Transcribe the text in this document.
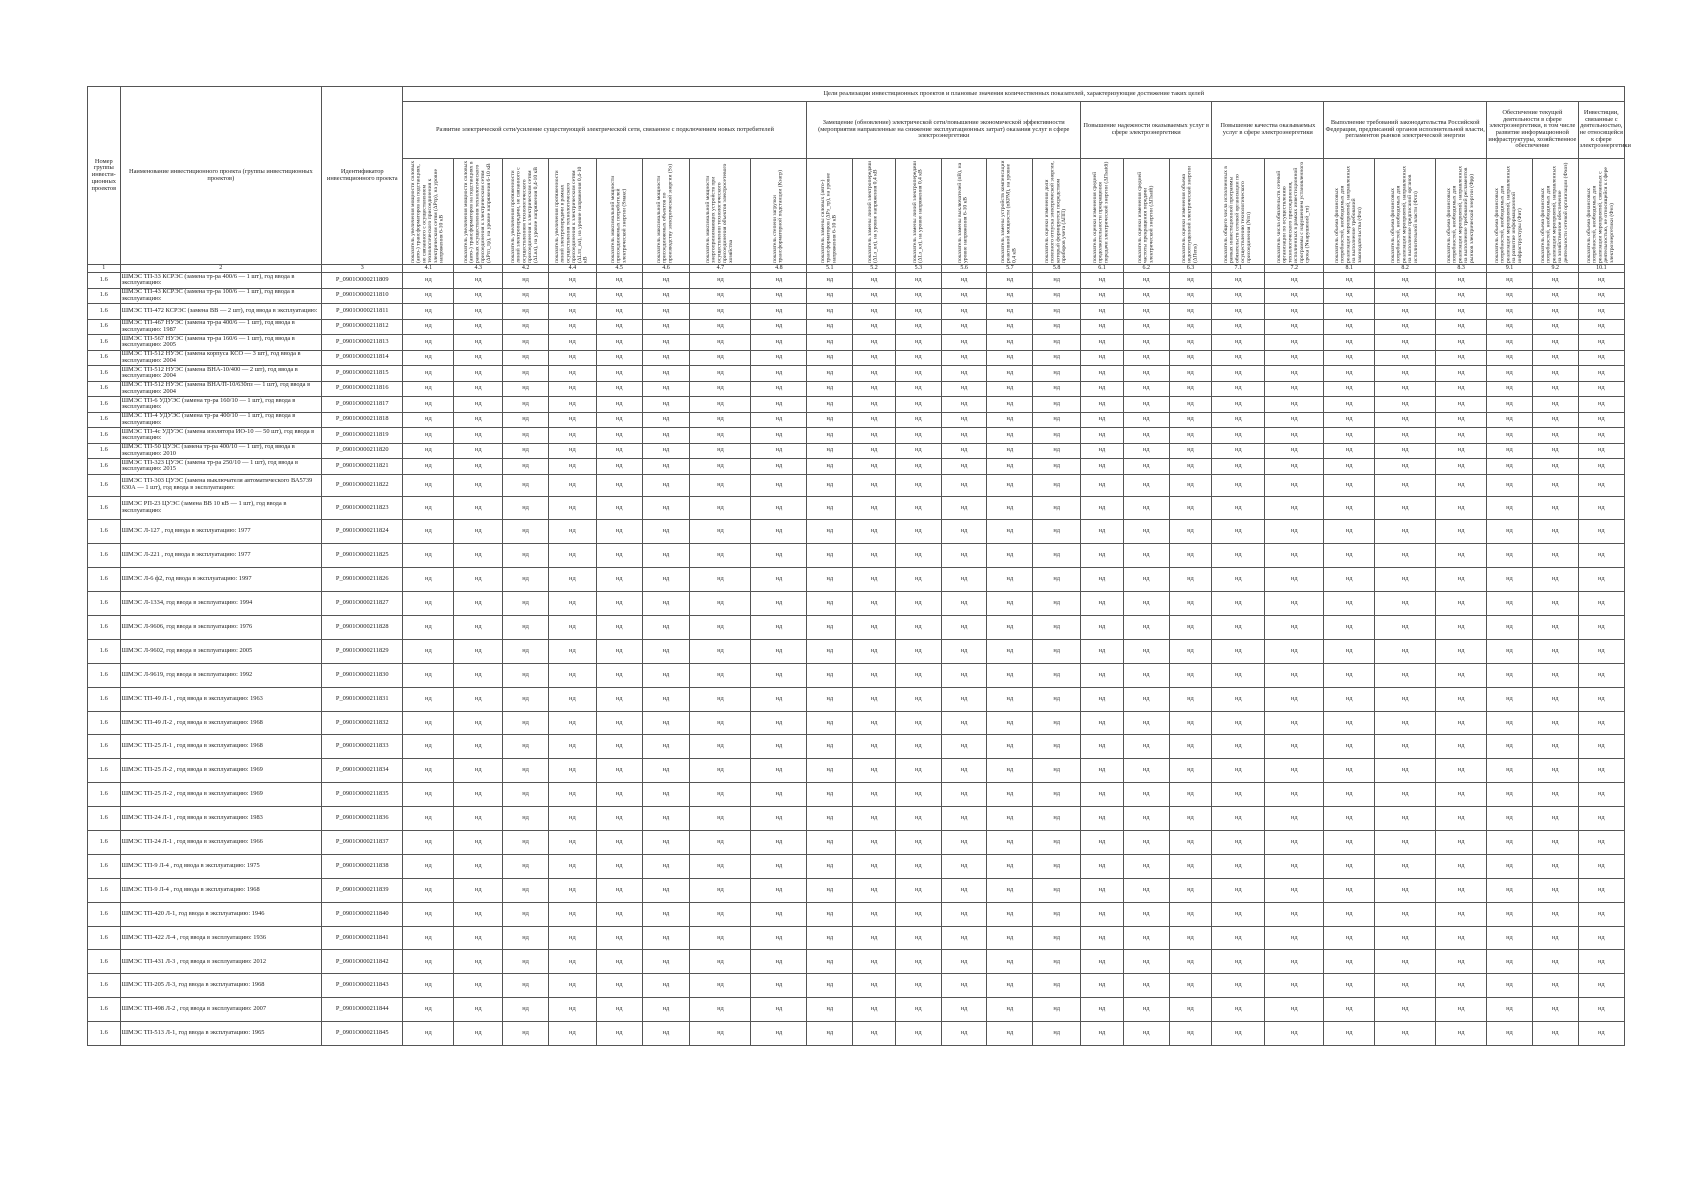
Номер группы инвести-ционных проектов	Наименование инвестиционного проекта (группы инвестиционных проектов)	Идентификатор инвестиционного проекта	Цели реализации инвестиционных проектов и плановые значения количественных показателей, характеризующие достижение таких целей																								
			Развитие электрической сети/усиление существующей электрической сети, связанное с подключением новых потребителей								Замещение (обновление) электрической сети/повышение экономической эффективности (мероприятия направленные на снижение эксплуатационных затрат) оказания услуг в сфере электроэнергетики						Повышение надежности оказываемых услуг в сфере электроэнергетики			Повышение качества оказываемых услуг в сфере электроэнергетики		Выполнение требований законодательства Российской Федерации, предписаний органов исполнительной власти, регламентов рынков электрической энергии			Обеспечение текущей деятельности в сфере электроэнергетики, в том числе развитие информационной инфраструктуры, хозяйственное обеспечение		Инвестиции, связанные с деятельностью, не относящейся к сфере электроэнергетики

			показатель увеличения мощности силовых (авто-) трансформаторов на подстанциях, не связанного с осуществлением технологического присоединения к электрическим сетям (ΔPтр), на уровне напряжения 6-10 кВ	показатель увеличения мощности силовых (авто-) трансформаторов на подстанциях в рамках осуществления технологического присоединения к электрическим сетям (ΔPтп_тр), на уровне напряжения 6-10 кВ	показатель увеличения протяженности линий электропередачи, не связанного с осуществлением технологического присоединения к электрическим сетям (ΔLвл), на уровне напряжения 0,4-10 кВ	показатель увеличения протяженности линий электропередачи в рамках осуществления технологического присоединения к электрическим сетям (ΔLтп_вл), на уровне напряжения 0,4-10 кВ	показатель максимальной мощности присоединяемых потребителей электрической энергии (Sмакс)	показатель максимальной мощности присоединяемых объектов по производству электрической энергии (Sэ)	показатель максимальной мощности энергопринимающих устройств при осуществлении технологического присоединения объектов электросетевого хозяйства	показатель степени загрузки трансформаторной подстанции (Кзагр)	показатель замены силовых (авто-) трансформаторов (ΔPз_тр), на уровне напряжения 6-10 кВ	показатель замены линий электропередачи (ΔLз_вл), на уровне напряжения 0,4 кВ	показатель замены линий электропередачи (ΔLз_кл), на уровне напряжения 0,4 кВ	показатель замены выключателей (nВ), на уровне напряжения 6-10 кВ	показатель замены устройств компенсации реактивной мощности (nКРМ), на уровне 0,4 кВ	показатель оценки изменения доли полезного отпуска электрической энергии, который формируется посредством приборов учета (ΔПП)	показатель оценки изменения средней продолжительности прекращения передачи электрической энергии (ΔПsaidi)	показатель оценки изменения средней частоты прекращения передачи электрической энергии (ΔПsaifi)	показатель оценки изменения объема недоотпущенной электрической энергии (ΔПens)	показатель общего числа исполненных в рамках инвестиционной программы обязательств сетевой организации по осуществлению технологического присоединения (Nтп)	показатель числа обязательств сетевой организации по осуществлению технологического присоединения, исполненных в рамках инвестиционной программы с нарушением установленного срока (Nнарушений_тп)	показатель объема финансовых потребностей, необходимых для реализации мероприятий, направленных на выполнение требований законодательства (Фзп)	показатель объема финансовых потребностей, необходимых для реализации мероприятий, направленных на выполнение предписаний органов исполнительной власти (Фпп)	показатель объема финансовых потребностей, необходимых для реализации мероприятий, направленных на выполнение требований регламентов рынков электрической энергии (Фрр)	показатель объема финансовых потребностей, необходимых для реализации мероприятий, направленных на развитие информационной инфраструктуры (Фит)	показатель объема финансовых потребностей, необходимых для реализации мероприятий, направленных на хозяйственное обеспечение деятельности сетевой организации (Фхоз)	показатель объема финансовых потребностей, необходимых для реализации мероприятий, связанных с деятельностью, не относящейся к сфере электроэнергетики (Фнэ)

1	2	3	4.1	4.3	4.2	4.4	4.5	4.6	4.7	4.8	5.1	5.2	5.3	5.6	5.7	5.8	6.1	6.2	6.3	7.1	7.2	8.1	8.2	8.3	9.1	9.2	10.1
1.6	ШМЭС ТП-33 КСРЭС (замена тр-ра 400/6 — 1 шт), год ввода в эксплуатацию:	P_0901О000211809	нд	нд	нд	нд	нд	нд	нд	нд	нд	нд	нд	нд	нд	нд	нд	нд	нд	нд	нд	нд	нд	нд	нд	нд	нд
1.6	ШМЭС ТП-43 КСРЭС (замена тр-ра 100/6 — 1 шт), год ввода в эксплуатацию:	P_0901О000211810	нд	нд	нд	нд	нд	нд	нд	нд	нд	нд	нд	нд	нд	нд	нд	нд	нд	нд	нд	нд	нд	нд	нд	нд	нд
1.6	ШМЭС ТП-472 КСРЭС (замена ВВ — 2 шт), год ввода в эксплуатацию:	P_0901О000211811	нд	нд	нд	нд	нд	нд	нд	нд	нд	нд	нд	нд	нд	нд	нд	нд	нд	нд	нд	нд	нд	нд	нд	нд	нд
1.6	ШМЭС ТП-467 НУЭС (замена тр-ра 400/6 — 1 шт), год ввода в эксплуатацию: 1987	P_0901О000211812	нд	нд	нд	нд	нд	нд	нд	нд	нд	нд	нд	нд	нд	нд	нд	нд	нд	нд	нд	нд	нд	нд	нд	нд	нд
1.6	ШМЭС ТП-567 НУЭС (замена тр-ра 160/6 — 1 шт), год ввода в эксплуатацию: 2005	P_0901О000211813	нд	нд	нд	нд	нд	нд	нд	нд	нд	нд	нд	нд	нд	нд	нд	нд	нд	нд	нд	нд	нд	нд	нд	нд	нд
1.6	ШМЭС ТП-512 НУЭС (замена корпуса КСО — 3 шт), год ввода в эксплуатацию: 2004	P_0901О000211814	нд	нд	нд	нд	нд	нд	нд	нд	нд	нд	нд	нд	нд	нд	нд	нд	нд	нд	нд	нд	нд	нд	нд	нд	нд
1.6	ШМЭС ТП-512 НУЭС (замена ВНА-10/400 — 2 шт), год ввода в эксплуатацию: 2004	P_0901О000211815	нд	нд	нд	нд	нд	нд	нд	нд	нд	нд	нд	нд	нд	нд	нд	нд	нд	нд	нд	нд	нд	нд	нд	нд	нд
1.6	ШМЭС ТП-512 НУЭС (замена ВНА/П-10/630пз — 1 шт), год ввода в эксплуатацию: 2004	P_0901О000211816	нд	нд	нд	нд	нд	нд	нд	нд	нд	нд	нд	нд	нд	нд	нд	нд	нд	нд	нд	нд	нд	нд	нд	нд	нд
1.6	ШМЭС ТП-6 УДУЭС (замена тр-ра 160/10 — 1 шт), год ввода в эксплуатацию:	P_0901О000211817	нд	нд	нд	нд	нд	нд	нд	нд	нд	нд	нд	нд	нд	нд	нд	нд	нд	нд	нд	нд	нд	нд	нд	нд	нд
1.6	ШМЭС ТП-4 УДУЭС (замена тр-ра 400/10 — 1 шт), год ввода в эксплуатацию:	P_0901О000211818	нд	нд	нд	нд	нд	нд	нд	нд	нд	нд	нд	нд	нд	нд	нд	нд	нд	нд	нд	нд	нд	нд	нд	нд	нд
1.6	ШМЭС ТП-4с УДУЭС (замена изолятора ИО-10 — 50 шт), год ввода в эксплуатацию:	P_0901О000211819	нд	нд	нд	нд	нд	нд	нд	нд	нд	нд	нд	нд	нд	нд	нд	нд	нд	нд	нд	нд	нд	нд	нд	нд	нд
1.6	ШМЭС ТП-50 ЦУЭС (замена тр-ра 400/10 — 1 шт), год ввода в эксплуатацию: 2010	P_0901О000211820	нд	нд	нд	нд	нд	нд	нд	нд	нд	нд	нд	нд	нд	нд	нд	нд	нд	нд	нд	нд	нд	нд	нд	нд	нд
1.6	ШМЭС ТП-323 ЦУЭС (замена тр-ра 250/10 — 1 шт), год ввода в эксплуатацию: 2015	P_0901О000211821	нд	нд	нд	нд	нд	нд	нд	нд	нд	нд	нд	нд	нд	нд	нд	нд	нд	нд	нд	нд	нд	нд	нд	нд	нд
1.6	ШМЭС ТП-303 ЦУЭС (замена выключателя автоматического ВА5739 630А — 1 шт), год ввода в эксплуатацию:	P_0901О000211822	нд	нд	нд	нд	нд	нд	нд	нд	нд	нд	нд	нд	нд	нд	нд	нд	нд	нд	нд	нд	нд	нд	нд	нд	нд
1.6	ШМЭС РП-23 ЦУЭС (замена ВВ 10 кВ — 1 шт), год ввода в эксплуатацию:	P_0901О000211823	нд	нд	нд	нд	нд	нд	нд	нд	нд	нд	нд	нд	нд	нд	нд	нд	нд	нд	нд	нд	нд	нд	нд	нд	нд
1.6	ШМЭС Л-127 , год ввода в эксплуатацию: 1977	P_0901О000211824	нд	нд	нд	нд	нд	нд	нд	нд	нд	нд	нд	нд	нд	нд	нд	нд	нд	нд	нд	нд	нд	нд	нд	нд	нд
1.6	ШМЭС Л-221 , год ввода в эксплуатацию: 1977	P_0901О000211825	нд	нд	нд	нд	нд	нд	нд	нд	нд	нд	нд	нд	нд	нд	нд	нд	нд	нд	нд	нд	нд	нд	нд	нд	нд
1.6	ШМЭС Л-6 ф2, год ввода в эксплуатацию: 1997	P_0901О000211826	нд	нд	нд	нд	нд	нд	нд	нд	нд	нд	нд	нд	нд	нд	нд	нд	нд	нд	нд	нд	нд	нд	нд	нд	нд
1.6	ШМЭС Л-1334, год ввода в эксплуатацию: 1994	P_0901О000211827	нд	нд	нд	нд	нд	нд	нд	нд	нд	нд	нд	нд	нд	нд	нд	нд	нд	нд	нд	нд	нд	нд	нд	нд	нд
1.6	ШМЭС Л-9606, год ввода в эксплуатацию: 1976	P_0901О000211828	нд	нд	нд	нд	нд	нд	нд	нд	нд	нд	нд	нд	нд	нд	нд	нд	нд	нд	нд	нд	нд	нд	нд	нд	нд
1.6	ШМЭС Л-9602, год ввода в эксплуатацию: 2005	P_0901О000211829	нд	нд	нд	нд	нд	нд	нд	нд	нд	нд	нд	нд	нд	нд	нд	нд	нд	нд	нд	нд	нд	нд	нд	нд	нд
1.6	ШМЭС Л-9619, год ввода в эксплуатацию: 1992	P_0901О000211830	нд	нд	нд	нд	нд	нд	нд	нд	нд	нд	нд	нд	нд	нд	нд	нд	нд	нд	нд	нд	нд	нд	нд	нд	нд
1.6	ШМЭС ТП-49 Л-1 , год ввода в эксплуатацию: 1963	P_0901О000211831	нд	нд	нд	нд	нд	нд	нд	нд	нд	нд	нд	нд	нд	нд	нд	нд	нд	нд	нд	нд	нд	нд	нд	нд	нд
1.6	ШМЭС ТП-49 Л-2 , год ввода в эксплуатацию: 1968	P_0901О000211832	нд	нд	нд	нд	нд	нд	нд	нд	нд	нд	нд	нд	нд	нд	нд	нд	нд	нд	нд	нд	нд	нд	нд	нд	нд
1.6	ШМЭС ТП-25 Л-1 , год ввода в эксплуатацию: 1968	P_0901О000211833	нд	нд	нд	нд	нд	нд	нд	нд	нд	нд	нд	нд	нд	нд	нд	нд	нд	нд	нд	нд	нд	нд	нд	нд	нд
1.6	ШМЭС ТП-25 Л-2 , год ввода в эксплуатацию: 1969	P_0901О000211834	нд	нд	нд	нд	нд	нд	нд	нд	нд	нд	нд	нд	нд	нд	нд	нд	нд	нд	нд	нд	нд	нд	нд	нд	нд
1.6	ШМЭС ТП-25 Л-2 , год ввода в эксплуатацию: 1969	P_0901О000211835	нд	нд	нд	нд	нд	нд	нд	нд	нд	нд	нд	нд	нд	нд	нд	нд	нд	нд	нд	нд	нд	нд	нд	нд	нд
1.6	ШМЭС ТП-24 Л-1 , год ввода в эксплуатацию: 1983	P_0901О000211836	нд	нд	нд	нд	нд	нд	нд	нд	нд	нд	нд	нд	нд	нд	нд	нд	нд	нд	нд	нд	нд	нд	нд	нд	нд
1.6	ШМЭС ТП-24 Л-1 , год ввода в эксплуатацию: 1966	P_0901О000211837	нд	нд	нд	нд	нд	нд	нд	нд	нд	нд	нд	нд	нд	нд	нд	нд	нд	нд	нд	нд	нд	нд	нд	нд	нд
1.6	ШМЭС ТП-9 Л-4 , год ввода в эксплуатацию: 1975	P_0901О000211838	нд	нд	нд	нд	нд	нд	нд	нд	нд	нд	нд	нд	нд	нд	нд	нд	нд	нд	нд	нд	нд	нд	нд	нд	нд
1.6	ШМЭС ТП-9 Л-4 , год ввода в эксплуатацию: 1968	P_0901О000211839	нд	нд	нд	нд	нд	нд	нд	нд	нд	нд	нд	нд	нд	нд	нд	нд	нд	нд	нд	нд	нд	нд	нд	нд	нд
1.6	ШМЭС ТП-420 Л-1, год ввода в эксплуатацию: 1946	P_0901О000211840	нд	нд	нд	нд	нд	нд	нд	нд	нд	нд	нд	нд	нд	нд	нд	нд	нд	нд	нд	нд	нд	нд	нд	нд	нд
1.6	ШМЭС ТП-422 Л-4 , год ввода в эксплуатацию: 1936	P_0901О000211841	нд	нд	нд	нд	нд	нд	нд	нд	нд	нд	нд	нд	нд	нд	нд	нд	нд	нд	нд	нд	нд	нд	нд	нд	нд
1.6	ШМЭС ТП-431 Л-3 , год ввода в эксплуатацию: 2012	P_0901О000211842	нд	нд	нд	нд	нд	нд	нд	нд	нд	нд	нд	нд	нд	нд	нд	нд	нд	нд	нд	нд	нд	нд	нд	нд	нд
1.6	ШМЭС ТП-205 Л-3, год ввода в эксплуатацию: 1968	P_0901О000211843	нд	нд	нд	нд	нд	нд	нд	нд	нд	нд	нд	нд	нд	нд	нд	нд	нд	нд	нд	нд	нд	нд	нд	нд	нд
1.6	ШМЭС ТП-498 Л-2 , год ввода в эксплуатацию: 2007	P_0901О000211844	нд	нд	нд	нд	нд	нд	нд	нд	нд	нд	нд	нд	нд	нд	нд	нд	нд	нд	нд	нд	нд	нд	нд	нд	нд
1.6	ШМЭС ТП-513 Л-1, год ввода в эксплуатацию: 1965	P_0901О000211845	нд	нд	нд	нд	нд	нд	нд	нд	нд	нд	нд	нд	нд	нд	нд	нд	нд	нд	нд	нд	нд	нд	нд	нд	нд
